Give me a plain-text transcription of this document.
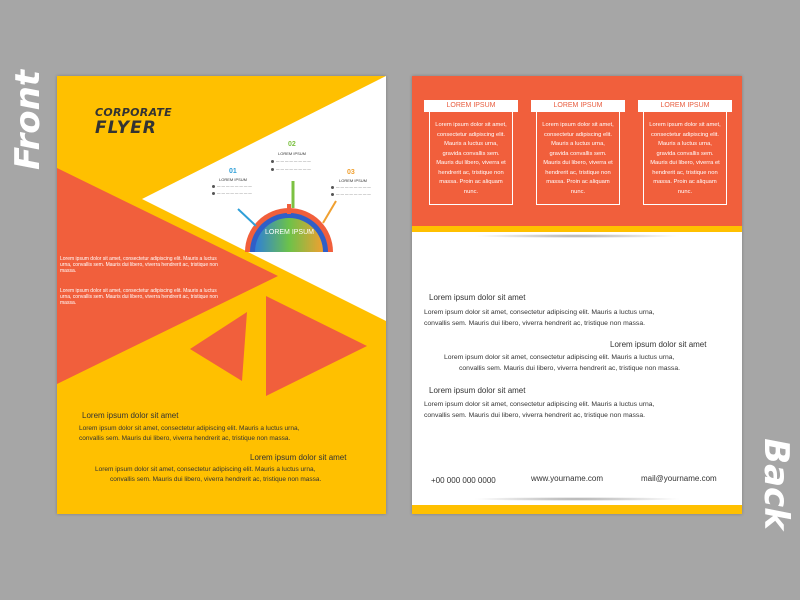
Front
Back
CORPORATE
FLYER
01
LOREM IPSUM
— — — — — — — —
— — — — — — — —
02
LOREM IPSUM
— — — — — — — —
— — — — — — — —	03
LOREM IPSUM
— — — — — — — —
— — — — — — — —
LOREM IPSUM
Lorem ipsum dolor sit amet, consectetur adipiscing elit. Mauris a luctus urna, convallis sem. Mauris dui libero, viverra hendrerit ac, tristique non massa.
Lorem ipsum dolor sit amet, consectetur adipiscing elit. Mauris a luctus urna, convallis sem. Mauris dui libero, viverra hendrerit ac, tristique non massa.
Lorem ipsum dolor sit amet
Lorem ipsum dolor sit amet, consectetur adipiscing elit. Mauris a luctus urna,
convallis sem. Mauris dui libero, viverra hendrerit ac, tristique non massa.
Lorem ipsum dolor sit amet
Lorem ipsum dolor sit amet, consectetur adipiscing elit. Mauris a luctus urna,
convallis sem. Mauris dui libero, viverra hendrerit ac, tristique non massa.
LOREM IPSUM
Lorem ipsum dolor sit amet, consectetur adipiscing elit. Mauris a luctus urna, gravida convallis sem. Mauris dui libero, viverra et hendrerit ac, tristique non massa. Proin ac aliquam nunc.
LOREM IPSUM
Lorem ipsum dolor sit amet, consectetur adipiscing elit. Mauris a luctus urna, gravida convallis sem. Mauris dui libero, viverra et hendrerit ac, tristique non massa. Proin ac aliquam nunc.
LOREM IPSUM
Lorem ipsum dolor sit amet, consectetur adipiscing elit. Mauris a luctus urna, gravida convallis sem. Mauris dui libero, viverra et hendrerit ac, tristique non massa. Proin ac aliquam nunc.
Lorem ipsum dolor sit amet
Lorem ipsum dolor sit amet, consectetur adipiscing elit. Mauris a luctus urna,
convallis sem. Mauris dui libero, viverra hendrerit ac, tristique non massa.
Lorem ipsum dolor sit amet
Lorem ipsum dolor sit amet, consectetur adipiscing elit. Mauris a luctus urna,
convallis sem. Mauris dui libero, viverra hendrerit ac, tristique non massa.
Lorem ipsum dolor sit amet
Lorem ipsum dolor sit amet, consectetur adipiscing elit. Mauris a luctus urna,
convallis sem. Mauris dui libero, viverra hendrerit ac, tristique non massa.
+00 000 000 0000	www.yourname.com	mail@yourname.com
